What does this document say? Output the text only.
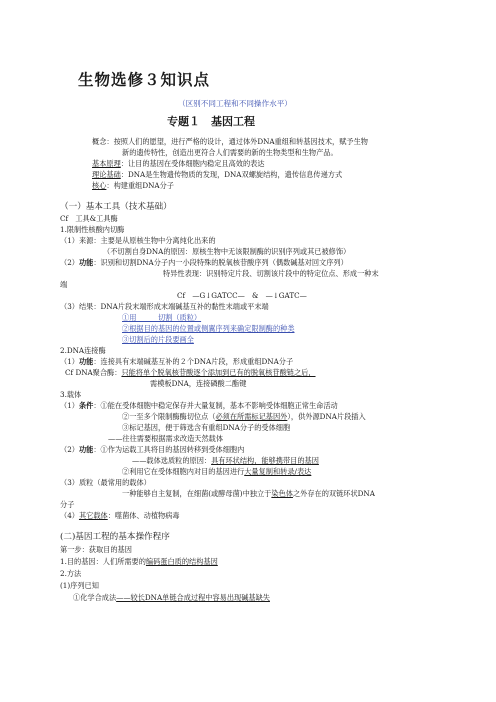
生物选修３知识点
（区别不同工程和不同操作水平）
专题１　基因工程
概念：按照人们的愿望，进行严格的设计，通过体外DNA重组和转基因技术，赋予生物
新的遗传特性，创造出更符合人们需要的新的生物类型和生物产品。
基本原理：让目的基因在受体细胞内稳定且高效的表达
理论基础：DNA是生物遗传物质的发现，DNA双螺旋结构，遗传信息传递方式
核心：构建重组DNA分子
（一）基本工具（技术基础）
Cf　工具&工具酶
1.限制性核酸内切酶
（1）来源：主要是从原核生物中分离纯化出来的
（不切割自身DNA的原因：原核生物中无该限制酶的识别序列或其已被修饰）
（2）功能：识别和切割DNA分子内一小段特殊的脱氧核苷酸序列（偶数碱基对回文序列）
特异性表现：识别特定片段、切割该片段中的特定位点、形成一种末
端
Cf　—G↓GATCC—　&　—↓GATC—
（3）结果：DNA片段末端形成末端碱基互补的黏性末端或平末端
①用　　　切割（质粒）
②根据目的基因的位置或侧翼序列来确定限制酶的种类
③切割后的片段要画全
2.DNA连接酶
（1）功能：连接具有末端碱基互补的２个DNA片段，形成重组DNA分子
Cf DNA聚合酶：只能将单个脱氧核苷酸逐个添加到已有的脱氧核苷酸链之后，
需模板DNA，连接磷酸二酯键
3.载体
（1）条件：①能在受体细胞中稳定保存并大量复制，基本不影响受体细胞正常生命活动
②一至多个限制酶酶切位点（必须在所需标记基因外），供外源DNA片段插入
③标记基因，便于筛选含有重组DNA分子的受体细胞
——往往需要根据需求改造天然载体
（2）功能：①作为运载工具将目的基因转移到受体细胞内
——载体选质粒的原因：具有环状结构，能够携带目的基因
②利用它在受体细胞内对目的基因进行大量复制和转录/表达
（3）质粒（最常用的载体）
一种能够自主复制，在细菌(或酵母菌)中独立于染色体之外存在的双链环状DNA
分子
（4）其它载体：噬菌体、动植物病毒
(二)基因工程的基本操作程序
第一步：获取目的基因
1.目的基因：人们所需要的编码蛋白质的结构基因
2.方法
(1)序列已知
①化学合成法——较长DNA单链合成过程中容易出现碱基缺失
